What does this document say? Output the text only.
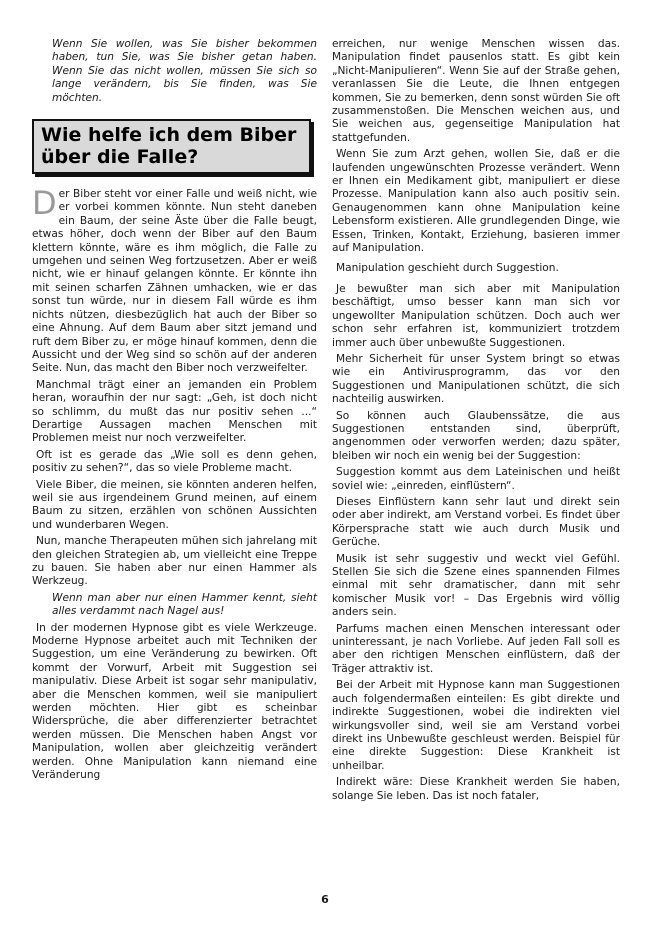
Wenn Sie wollen, was Sie bisher bekommen haben, tun Sie, was Sie bisher getan haben. Wenn Sie das nicht wollen, müssen Sie sich so lange verändern, bis Sie finden, was Sie möchten.

Wie helfe ich dem Biber über die Falle?

Der Biber steht vor einer Falle und weiß nicht, wie er vorbei kommen könnte. Nun steht daneben ein Baum, der seine Äste über die Falle beugt, etwas höher, doch wenn der Biber auf den Baum klettern könnte, wäre es ihm möglich, die Falle zu umgehen und seinen Weg fortzusetzen. Aber er weiß nicht, wie er hinauf gelangen könnte. Er könnte ihn mit seinen scharfen Zähnen umhacken, wie er das sonst tun würde, nur in diesem Fall würde es ihm nichts nützen, diesbezüglich hat auch der Biber so eine Ahnung. Auf dem Baum aber sitzt jemand und ruft dem Biber zu, er möge hinauf kommen, denn die Aussicht und der Weg sind so schön auf der anderen Seite. Nun, das macht den Biber noch verzweifelter.

Manchmal trägt einer an jemanden ein Problem heran, woraufhin der nur sagt: „Geh, ist doch nicht so schlimm, du mußt das nur positiv sehen ...“ Derartige Aussagen machen Menschen mit Problemen meist nur noch verzweifelter.

Oft ist es gerade das „Wie soll es denn gehen, positiv zu sehen?“, das so viele Probleme macht.

Viele Biber, die meinen, sie könnten anderen helfen, weil sie aus irgendeinem Grund meinen, auf einem Baum zu sitzen, erzählen von schönen Aussichten und wunderbaren Wegen.

Nun, manche Therapeuten mühen sich jahrelang mit den gleichen Strategien ab, um vielleicht eine Treppe zu bauen. Sie haben aber nur einen Hammer als Werkzeug.

Wenn man aber nur einen Hammer kennt, sieht alles verdammt nach Nagel aus!

In der modernen Hypnose gibt es viele Werkzeuge. Moderne Hypnose arbeitet auch mit Techniken der Suggestion, um eine Veränderung zu bewirken. Oft kommt der Vorwurf, Arbeit mit Suggestion sei manipulativ. Diese Arbeit ist sogar sehr manipulativ, aber die Menschen kommen, weil sie manipuliert werden möchten. Hier gibt es scheinbar Widersprüche, die aber differenzierter betrachtet werden müssen. Die Menschen haben Angst vor Manipulation, wollen aber gleichzeitig verändert werden. Ohne Manipulation kann niemand eine Veränderung

erreichen, nur wenige Menschen wissen das. Manipulation findet pausenlos statt. Es gibt kein „Nicht-Manipulieren“. Wenn Sie auf der Straße gehen, veranlassen Sie die Leute, die Ihnen entgegen kommen, Sie zu bemerken, denn sonst würden Sie oft zusammenstoßen. Die Menschen weichen aus, und Sie weichen aus, gegenseitige Manipulation hat stattgefunden.

Wenn Sie zum Arzt gehen, wollen Sie, daß er die laufenden ungewünschten Prozesse verändert. Wenn er Ihnen ein Medikament gibt, manipuliert er diese Prozesse. Manipulation kann also auch positiv sein. Genaugenommen kann ohne Manipulation keine Lebensform existieren. Alle grundlegenden Dinge, wie Essen, Trinken, Kontakt, Erziehung, basieren immer auf Manipulation.

Manipulation geschieht durch Suggestion.

Je bewußter man sich aber mit Manipulation beschäftigt, umso besser kann man sich vor ungewollter Manipulation schützen. Doch auch wer schon sehr erfahren ist, kommuniziert trotzdem immer auch über unbewußte Suggestionen.

Mehr Sicherheit für unser System bringt so etwas wie ein Antivirusprogramm, das vor den Suggestionen und Manipulationen schützt, die sich nachteilig auswirken.

So können auch Glaubenssätze, die aus Suggestionen entstanden sind, überprüft, angenommen oder verworfen werden; dazu später, bleiben wir noch ein wenig bei der Suggestion:

Suggestion kommt aus dem Lateinischen und heißt soviel wie: „einreden, einflüstern“.

Dieses Einflüstern kann sehr laut und direkt sein oder aber indirekt, am Verstand vorbei. Es findet über Körpersprache statt wie auch durch Musik und Gerüche.

Musik ist sehr suggestiv und weckt viel Gefühl. Stellen Sie sich die Szene eines spannenden Filmes einmal mit sehr dramatischer, dann mit sehr komischer Musik vor! – Das Ergebnis wird völlig anders sein.

Parfums machen einen Menschen interessant oder uninteressant, je nach Vorliebe. Auf jeden Fall soll es aber den richtigen Menschen einflüstern, daß der Träger attraktiv ist.

Bei der Arbeit mit Hypnose kann man Suggestionen auch folgendermaßen einteilen: Es gibt direkte und indirekte Suggestionen, wobei die indirekten viel wirkungsvoller sind, weil sie am Verstand vorbei direkt ins Unbewußte geschleust werden. Beispiel für eine direkte Suggestion: Diese Krankheit ist unheilbar.

Indirekt wäre: Diese Krankheit werden Sie haben, solange Sie leben. Das ist noch fataler,

6
